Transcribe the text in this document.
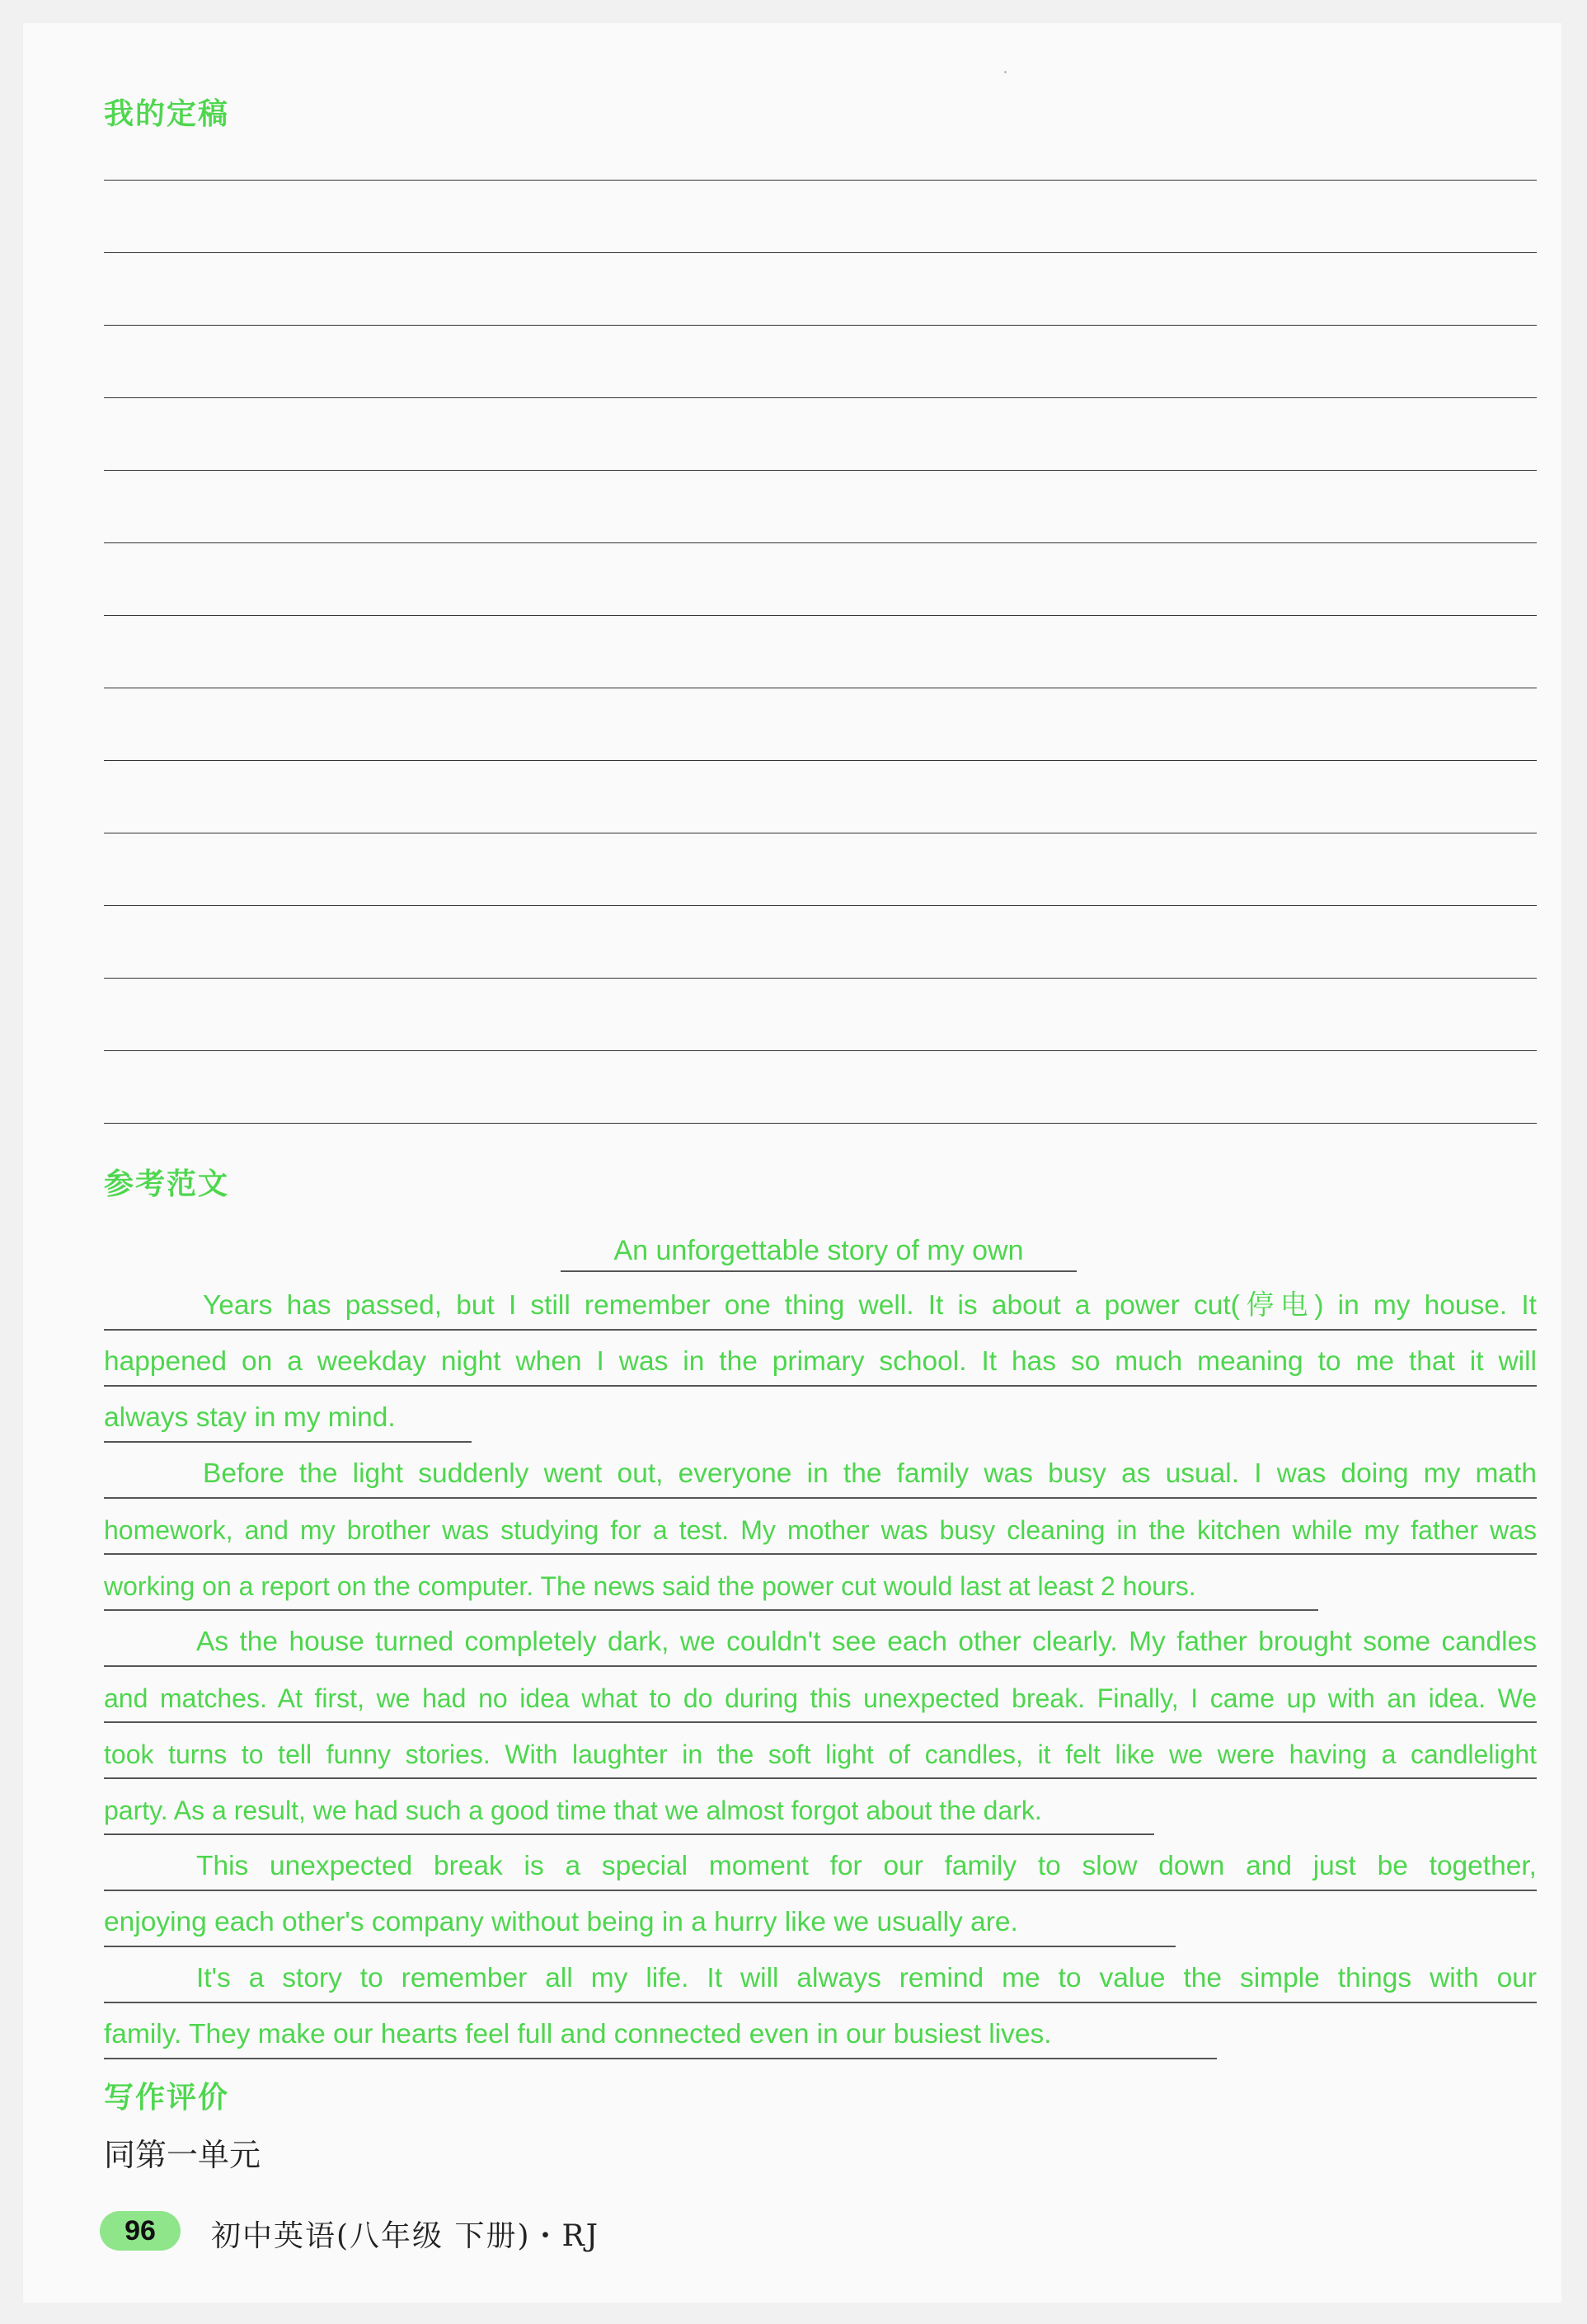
我的定稿
参考范文
An unforgettable story of my own
Years has passed, but I still remember one thing well. It is about a power cut(停电) in my house. It
happened on a weekday night when I was in the primary school. It has so much meaning to me that it will
always stay in my mind.
Before the light suddenly went out, everyone in the family was busy as usual. I was doing my math
homework, and my brother was studying for a test. My mother was busy cleaning in the kitchen while my father was
working on a report on the computer. The news said the power cut would last at least 2 hours.
As the house turned completely dark, we couldn't see each other clearly. My father brought some candles
and matches. At first, we had no idea what to do during this unexpected break. Finally, I came up with an idea. We
took turns to tell funny stories. With laughter in the soft light of candles, it felt like we were having a candlelight
party. As a result, we had such a good time that we almost forgot about the dark.
This unexpected break is a special moment for our family to slow down and just be together,
enjoying each other's company without being in a hurry like we usually are.
It's a story to remember all my life. It will always remind me to value the simple things with our
family. They make our hearts feel full and connected even in our busiest lives.
写作评价

同第一单元

96	初中英语(八年级 下册)・RJ
